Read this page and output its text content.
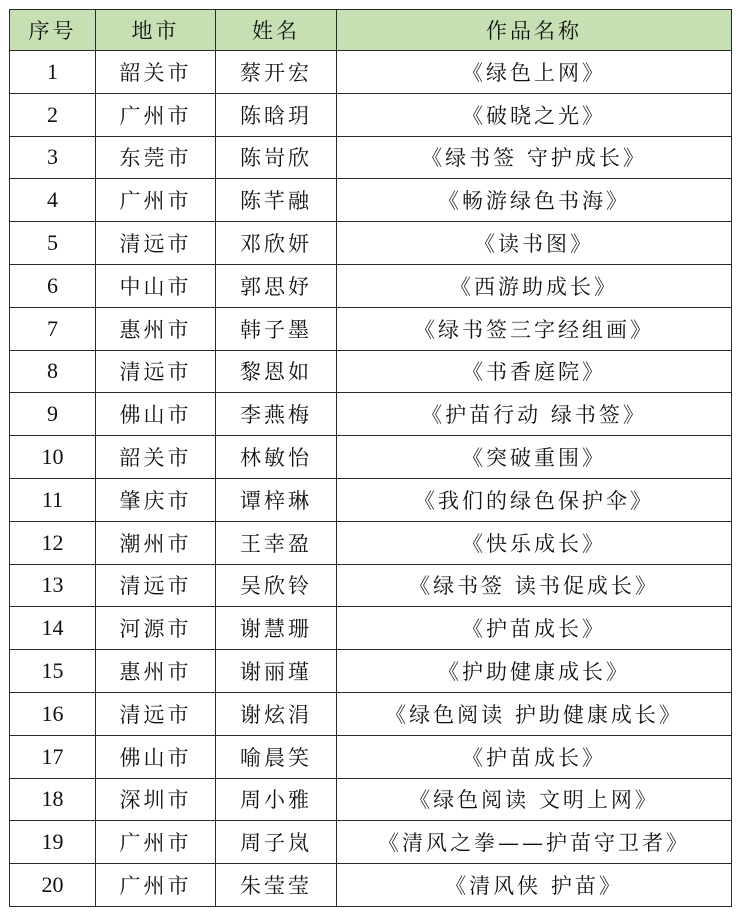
序号	地市	姓名	作品名称
1	韶关市	蔡开宏	《绿色上网》
2	广州市	陈晗玥	《破晓之光》
3	东莞市	陈岢欣	《绿书签 守护成长》
4	广州市	陈芊融	《畅游绿色书海》
5	清远市	邓欣妍	《读书图》
6	中山市	郭思妤	《西游助成长》
7	惠州市	韩子墨	《绿书签三字经组画》
8	清远市	黎恩如	《书香庭院》
9	佛山市	李燕梅	《护苗行动 绿书签》
10	韶关市	林敏怡	《突破重围》
11	肇庆市	谭梓琳	《我们的绿色保护伞》
12	潮州市	王幸盈	《快乐成长》
13	清远市	吴欣铃	《绿书签 读书促成长》
14	河源市	谢慧珊	《护苗成长》
15	惠州市	谢丽瑾	《护助健康成长》
16	清远市	谢炫涓	《绿色阅读 护助健康成长》
17	佛山市	喻晨笑	《护苗成长》
18	深圳市	周小雅	《绿色阅读 文明上网》
19	广州市	周子岚	《清风之拳——护苗守卫者》
20	广州市	朱莹莹	《清风侠 护苗》
